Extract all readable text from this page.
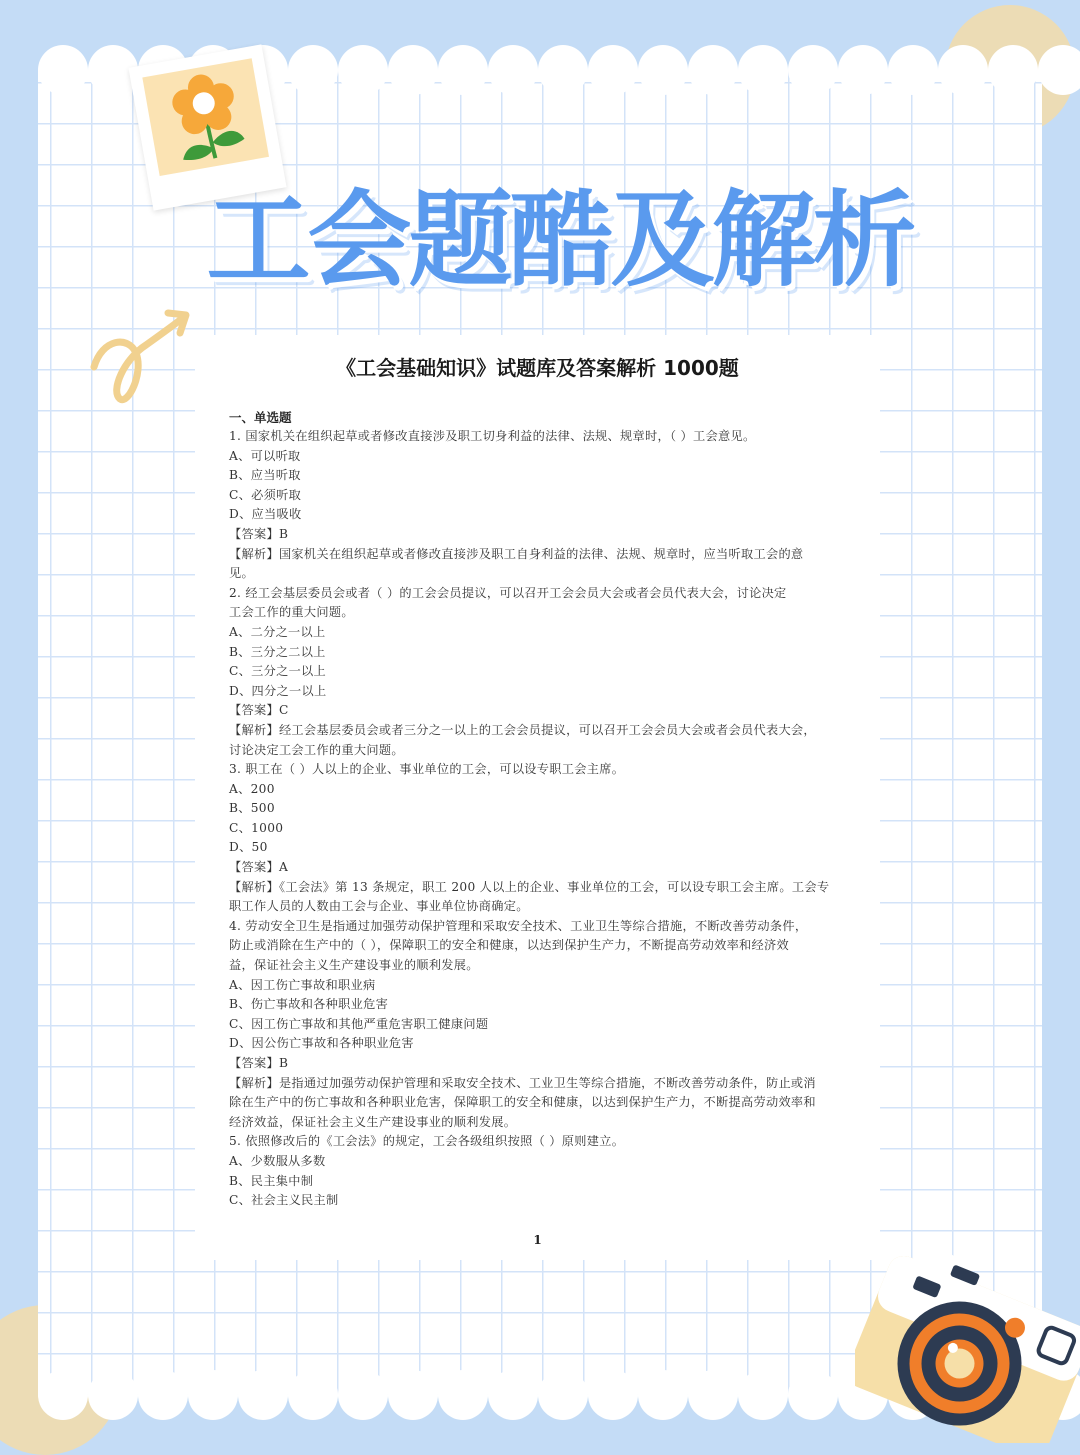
工会题酷及解析
《工会基础知识》试题库及答案解析 1000题
一、单选题
1. 国家机关在组织起草或者修改直接涉及职工切身利益的法律、法规、规章时，（ ）工会意见。
A、可以听取
B、应当听取
C、必须听取
D、应当吸收
【答案】B
【解析】国家机关在组织起草或者修改直接涉及职工自身利益的法律、法规、规章时，应当听取工会的意
见。
2. 经工会基层委员会或者（ ）的工会会员提议，可以召开工会会员大会或者会员代表大会，讨论决定
工会工作的重大问题。
A、二分之一以上
B、三分之二以上
C、三分之一以上
D、四分之一以上
【答案】C
【解析】经工会基层委员会或者三分之一以上的工会会员提议，可以召开工会会员大会或者会员代表大会，
讨论决定工会工作的重大问题。
3. 职工在（ ）人以上的企业、事业单位的工会，可以设专职工会主席。
A、200
B、500
C、1000
D、50
【答案】A
【解析】《工会法》第 13 条规定，职工 200 人以上的企业、事业单位的工会，可以设专职工会主席。工会专
职工作人员的人数由工会与企业、事业单位协商确定。
4. 劳动安全卫生是指通过加强劳动保护管理和采取安全技术、工业卫生等综合措施，不断改善劳动条件，
防止或消除在生产中的（ ），保障职工的安全和健康，以达到保护生产力，不断提高劳动效率和经济效
益，保证社会主义生产建设事业的顺利发展。
A、因工伤亡事故和职业病
B、伤亡事故和各种职业危害
C、因工伤亡事故和其他严重危害职工健康问题
D、因公伤亡事故和各种职业危害
【答案】B
【解析】是指通过加强劳动保护管理和采取安全技术、工业卫生等综合措施，不断改善劳动条件，防止或消
除在生产中的伤亡事故和各种职业危害，保障职工的安全和健康，以达到保护生产力，不断提高劳动效率和
经济效益，保证社会主义生产建设事业的顺利发展。
5. 依照修改后的《工会法》的规定，工会各级组织按照（ ）原则建立。
A、少数服从多数
B、民主集中制
C、社会主义民主制
1
